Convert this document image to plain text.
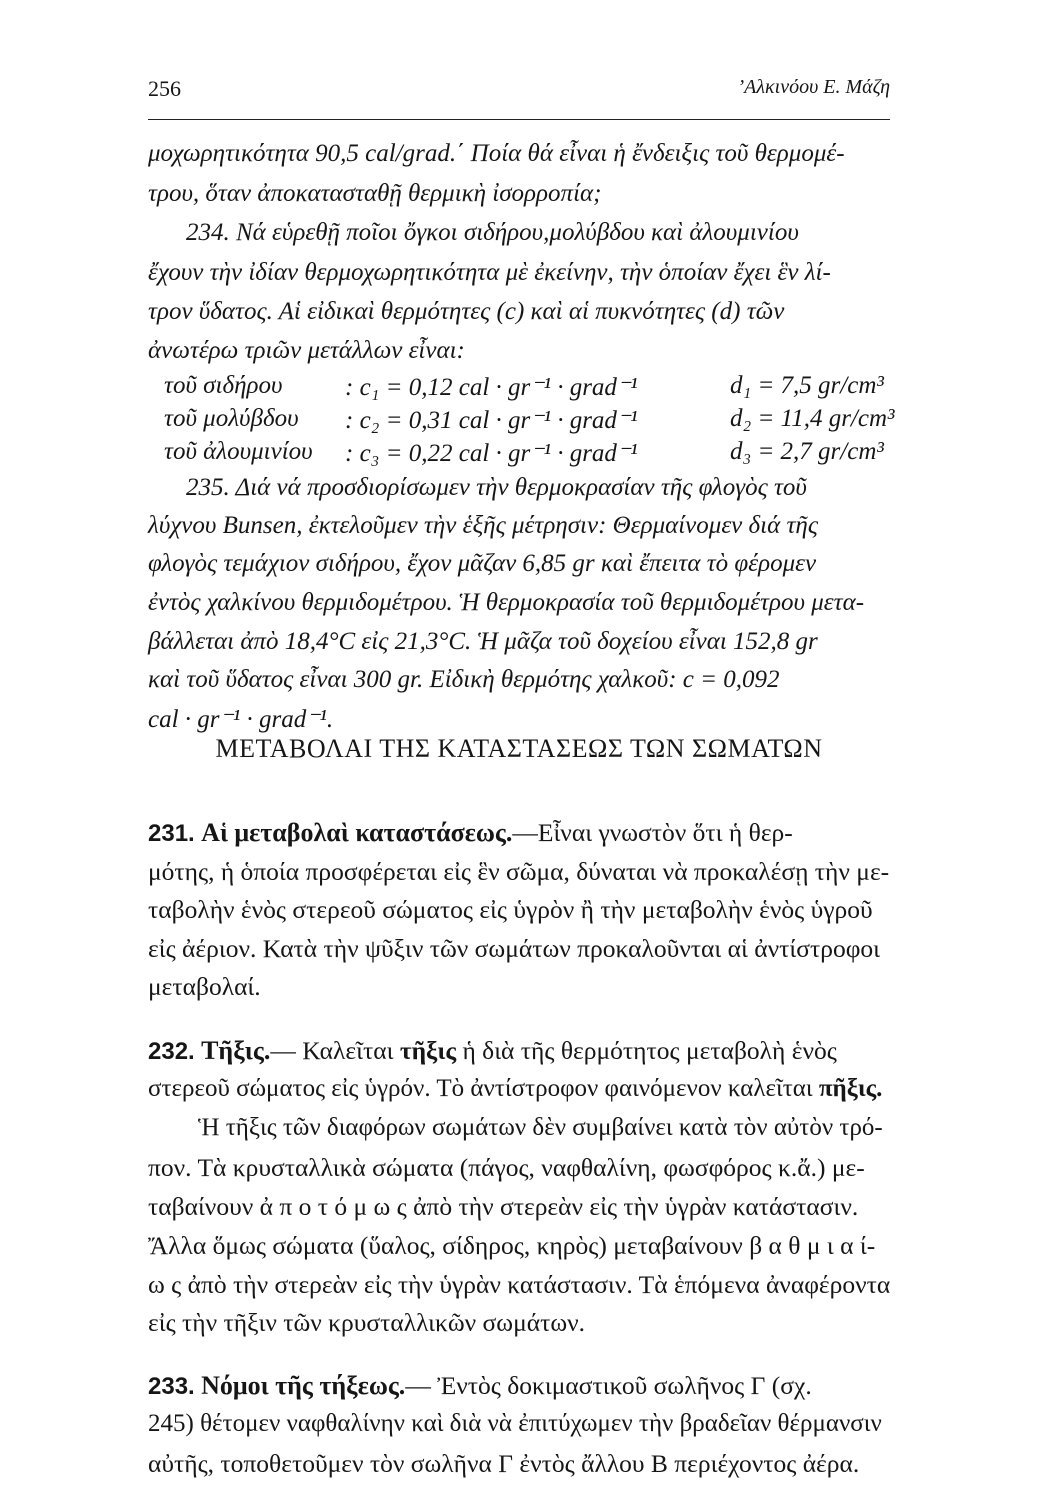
256	’Αλκινόου Ε. Μάζη
μοχωρητικότητα 90,5 cal/grad.΄ Ποία θά εἶναι ἡ ἔνδειξις τοῦ θερμομέ-
τρου, ὅταν ἀποκατασταθῇ θερμικὴ ἰσορροπία;
234. Νά εὑρεθῇ ποῖοι ὄγκοι σιδήρου,μολύβδου καὶ ἀλουμινίου
ἔχουν τὴν ἰδίαν θερμοχωρητικότητα μὲ ἐκείνην, τὴν ὁποίαν ἔχει ἓν λί-
τρον ὕδατος. Αἱ εἰδικαὶ θερμότητες (c) καὶ αἱ πυκνότητες (d) τῶν
ἀνωτέρω τριῶν μετάλλων εἶναι:
τοῦ σιδήρου	: c₁ = 0,12 cal · gr⁻¹ · grad⁻¹	d₁ = 7,5 gr/cm³
τοῦ μολύβδου : c₂ = 0,31 cal · gr⁻¹ · grad⁻¹	d₂ = 11,4 gr/cm³
τοῦ ἀλουμινίου : c₃ = 0,22 cal · gr⁻¹ · grad⁻¹	d₃ = 2,7 gr/cm³
235. Διά νά προσδιορίσωμεν τὴν θερμοκρασίαν τῆς φλογὸς τοῦ
λύχνου Bunsen, ἐκτελοῦμεν τὴν ἑξῆς μέτρησιν: Θερμαίνομεν διά τῆς
φλογὸς τεμάχιον σιδήρου, ἔχον μᾶζαν 6,85 gr καὶ ἔπειτα τὸ φέρομεν
ἐντὸς χαλκίνου θερμιδομέτρου. Ἡ θερμοκρασία τοῦ θερμιδομέτρου μετα-
βάλλεται ἀπὸ 18,4°C εἰς 21,3°C. Ἡ μᾶζα τοῦ δοχείου εἶναι 152,8 gr
καὶ τοῦ ὕδατος εἶναι 300 gr. Εἰδικὴ θερμότης χαλκοῦ: c = 0,092
cal · gr⁻¹ · grad⁻¹.
ΜΕΤΑΒΟΛΑΙ ΤΗΣ ΚΑΤΑΣΤΑΣΕΩΣ ΤΩΝ ΣΩΜΑΤΩΝ
231. Αἱ μεταβολαὶ καταστάσεως.—Εἶναι γνωστὸν ὅτι ἡ θερ-
μότης, ἡ ὁποία προσφέρεται εἰς ἓν σῶμα, δύναται νὰ προκαλέσῃ τὴν με-
ταβολὴν ἑνὸς στερεοῦ σώματος εἰς ὑγρὸν ἢ τὴν μεταβολὴν ἑνὸς ὑγροῦ
εἰς ἀέριον. Κατὰ τὴν ψῦξιν τῶν σωμάτων προκαλοῦνται αἱ ἀντίστροφοι
μεταβολαί.
232. Τῆξις.— Καλεῖται τῆξις ἡ διὰ τῆς θερμότητος μεταβολὴ ἑνὸς
στερεοῦ σώματος εἰς ὑγρόν. Τὸ ἀντίστροφον φαινόμενον καλεῖται πῆξις.
Ἡ τῆξις τῶν διαφόρων σωμάτων δὲν συμβαίνει κατὰ τὸν αὐτὸν τρό-
πον. Τὰ κρυσταλλικὰ σώματα (πάγος, ναφθαλίνη, φωσφόρος κ.ἄ.) με-
ταβαίνουν ἀ π ο τ ό μ ω ς ἀπὸ τὴν στερεὰν εἰς τὴν ὑγρὰν κατάστασιν.
Ἄλλα ὅμως σώματα (ὕαλος, σίδηρος, κηρὸς) μεταβαίνουν β α θ μ ι α ί-
ω ς ἀπὸ τὴν στερεὰν εἰς τὴν ὑγρὰν κατάστασιν. Τὰ ἑπόμενα ἀναφέροντα
εἰς τὴν τῆξιν τῶν κρυσταλλικῶν σωμάτων.
233. Νόμοι τῆς τήξεως.— Ἐντὸς δοκιμαστικοῦ σωλῆνος Γ (σχ.
245) θέτομεν ναφθαλίνην καὶ διὰ νὰ ἐπιτύχωμεν τὴν βραδεῖαν θέρμανσιν
αὐτῆς, τοποθετοῦμεν τὸν σωλῆνα Γ ἐντὸς ἄλλου Β περιέχοντος ἀέρα.
